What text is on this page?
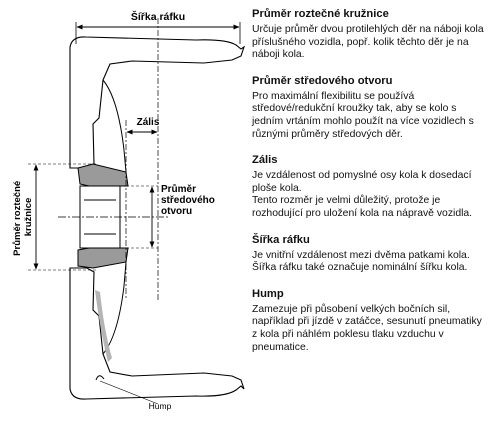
Šířka ráfku
Zális
Průměr středového otvoru
Průměr roztečné kružnice
Hump
Průměr roztečné kružnice

Určuje průměr dvou protilehlých děr na náboji kola příslušného vozidla, popř. kolik těchto děr je na náboji kola.

Průměr středového otvoru

Pro maximální flexibilitu se používá středové/redukční kroužky tak, aby se kolo s jedním vrtáním mohlo použít na více vozidlech s různými průměry středových děr.

Zális

Je vzdálenost od pomyslné osy kola k dosedací ploše kola.

Tento rozměr je velmi důležitý, protože je rozhodující pro uložení kola na nápravě vozidla.

Šířka ráfku

Je vnitřní vzdálenost mezi dvěma patkami kola.

Šířka ráfku také označuje nominální šířku kola.

Hump

Zamezuje při působení velkých bočních sil, například při jízdě v zatáčce, sesunutí pneumatiky z kola při náhlém poklesu tlaku vzduchu v pneumatice.
